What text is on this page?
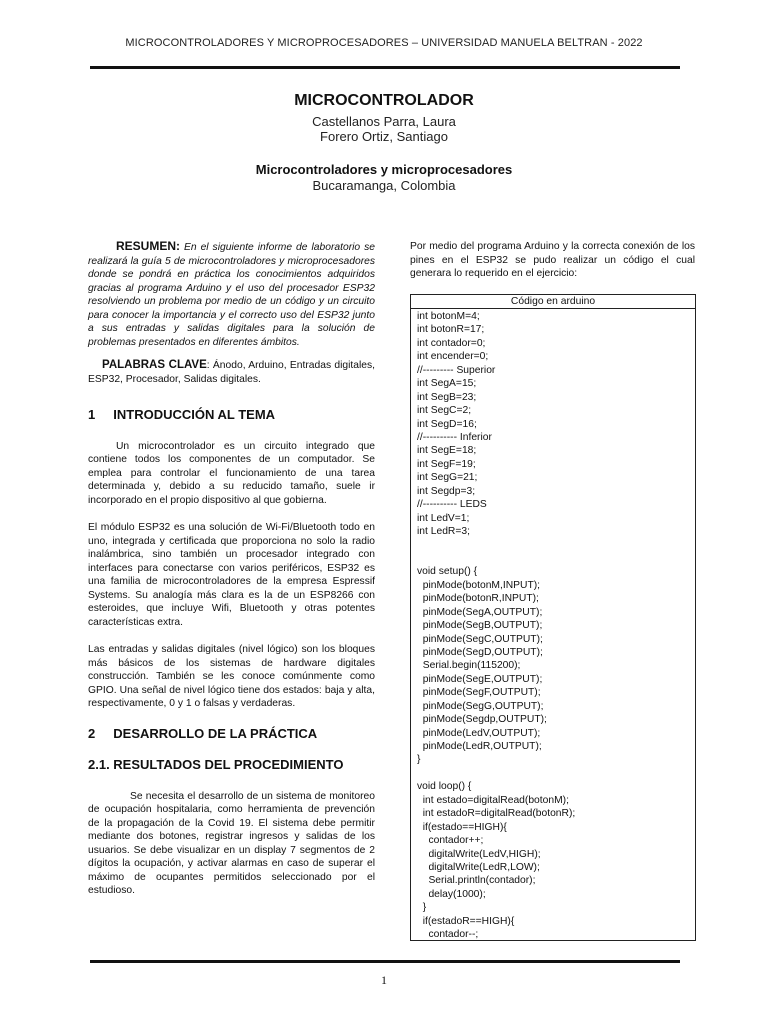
MICROCONTROLADORES Y MICROPROCESADORES – UNIVERSIDAD MANUELA BELTRAN - 2022
MICROCONTROLADOR
Castellanos Parra, Laura
Forero Ortiz, Santiago
Microcontroladores y microprocesadores
Bucaramanga, Colombia

RESUMEN: En el siguiente informe de laboratorio se realizará la guía 5 de microcontroladores y microprocesadores donde se pondrá en práctica los conocimientos adquiridos gracias al programa Arduino y el uso del procesador ESP32 resolviendo un problema por medio de un código y un circuito para conocer la importancia y el correcto uso del ESP32 junto a sus entradas y salidas digitales para la solución de problemas presentados en diferentes ámbitos.

PALABRAS CLAVE: Ánodo, Arduino, Entradas digitales, ESP32, Procesador, Salidas digitales.

1     INTRODUCCIÓN AL TEMA

Un microcontrolador es un circuito integrado que contiene todos los componentes de un computador. Se emplea para controlar el funcionamiento de una tarea determinada y, debido a su reducido tamaño, suele ir incorporado en el propio dispositivo al que gobierna.

El módulo ESP32 es una solución de Wi-Fi/Bluetooth todo en uno, integrada y certificada que proporciona no solo la radio inalámbrica, sino también un procesador integrado con interfaces para conectarse con varios periféricos, ESP32 es una familia de microcontroladores de la empresa Espressif Systems. Su analogía más clara es la de un ESP8266 con esteroides, que incluye Wifi, Bluetooth y otras potentes características extra.

Las entradas y salidas digitales (nivel lógico) son los bloques más básicos de los sistemas de hardware digitales construcción. También se les conoce comúnmente como GPIO. Una señal de nivel lógico tiene dos estados: baja y alta, respectivamente, 0 y 1 o falsas y verdaderas.

2     DESARROLLO DE LA PRÁCTICA
2.1. RESULTADOS DEL PROCEDIMIENTO

Se necesita el desarrollo de un sistema de monitoreo de ocupación hospitalaria, como herramienta de prevención de la propagación de la Covid 19. El sistema debe permitir mediante dos botones, registrar ingresos y salidas de los usuarios. Se debe visualizar en un display 7 segmentos de 2 dígitos la ocupación, y activar alarmas en caso de superar el máximo de ocupantes permitidos seleccionado por el estudioso.

Por medio del programa Arduino y la correcta conexión de los pines en el ESP32 se pudo realizar un código el cual generara lo requerido en el ejercicio:

Código en arduino
int botonM=4;
int botonR=17;
int contador=0;
int encender=0;
//--------- Superior
int SegA=15;
int SegB=23;
int SegC=2;
int SegD=16;
//---------- Inferior
int SegE=18;
int SegF=19;
int SegG=21;
int Segdp=3;
//---------- LEDS
int LedV=1;
int LedR=3;
void setup() {
pinMode(botonM,INPUT);
pinMode(botonR,INPUT);
pinMode(SegA,OUTPUT);
pinMode(SegB,OUTPUT);
pinMode(SegC,OUTPUT);
pinMode(SegD,OUTPUT);
Serial.begin(115200);
pinMode(SegE,OUTPUT);
pinMode(SegF,OUTPUT);
pinMode(SegG,OUTPUT);
pinMode(Segdp,OUTPUT);
pinMode(LedV,OUTPUT);
pinMode(LedR,OUTPUT);
}
void loop() {
int estado=digitalRead(botonM);
int estadoR=digitalRead(botonR);
if(estado==HIGH){
contador++;
digitalWrite(LedV,HIGH);
digitalWrite(LedR,LOW);
Serial.println(contador);
delay(1000);
}
if(estadoR==HIGH){
contador--;
1
